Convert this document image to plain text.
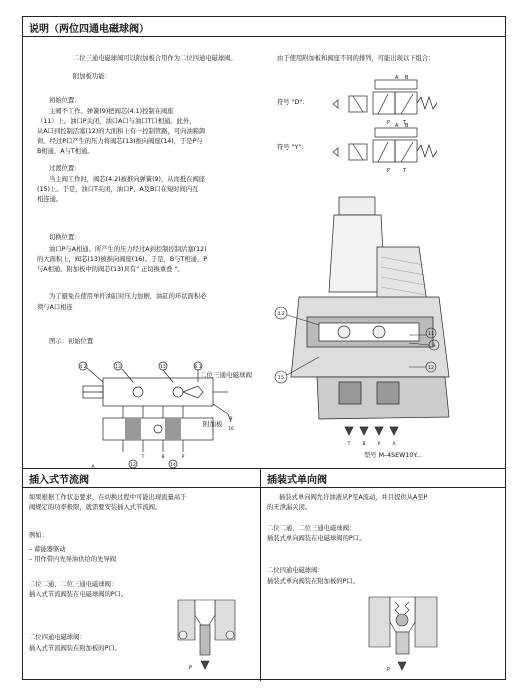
说明（两位四通电磁球阀）
二位三通电磁球阀可以附加板合用作为二位四通电磁球阀。
附加板功能：
初始位置：
主阀不工作。弹簧(9)把阀芯(4.1)控制在阀座
（11）上。油口P关闭，油口A口与油口T口相通。此外，
从A口到控制活塞(12)的大面积上有一控制管路，可向油箱卸
荷。经过P口产生的压力将阀芯(13)推向阀座(14)，于是P与
B相通，A与T相通。
过渡位置：
当主阀工作时，阀芯(4.2)被推向弹簧(9)，从而抵在阀座
(15)上。于是，油口T关闭，油口P、A及B口在短时间内互
相连通。
切换位置：
油口P与A相通。所产生的压力经过A到控制控制活塞(12)
的大面积上，阀芯(13)被推向阀座(16)。于是，B与T相通，P
与A相通。附加板中的阀芯(13)具有" 正切换重叠 "。
为了避免在使用单杆油缸时压力加剧，油缸的环状面积必
须与A口相连
图示：初始位置
4.2	13	15	6.1
9
16
12	14
A
T	B	P
二位三通电磁球阀
附加板
由于使用附加板和阀座不同的排列，可能出现以下组合：
符号 "D"：
符号 "Y"：
A B
P	T
A B
P	T
4.2
11
9
15
12
T	B	P	A
型号 M–4SEW10Y...
插入式节流阀
如果根据工作状态要求，在切换过程中可能出现流量高于
阀规定的功率极限，就需要安装插入式节流阀。
例如：
– 蓄能器驱动
– 用作带内先导油供给的先导阀
二位二通、二位三通电磁球阀：
插入式节流阀装在电磁球阀的P口。
二位四通电磁球阀：
插入式节流阀装在附加板的P口。
P
插装式单向阀
插装式单向阀允许油液从P至A流动，并且提供从A至P
的无泄漏关闭。
二位二通、二位三通电磁球阀：
插装式单向阀装在电磁球阀的P口。
二位四通电磁球阀：
插装式单向阀装在附加板的P口。
P
